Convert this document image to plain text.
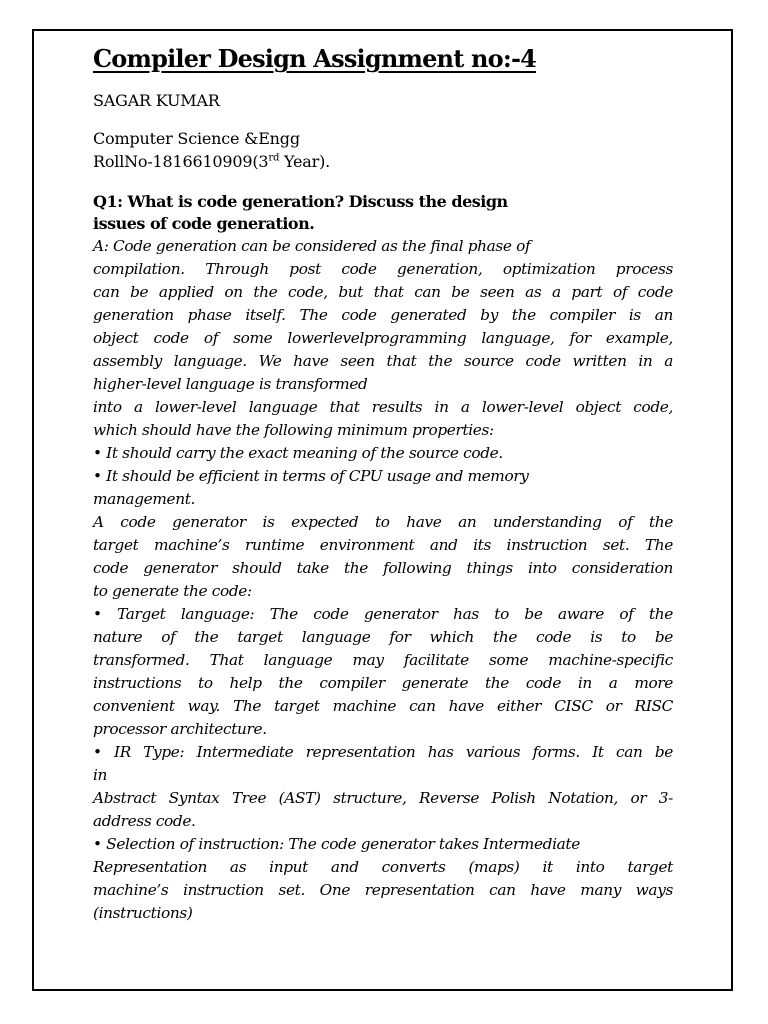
Compiler Design Assignment no:-4
SAGAR KUMAR
Computer Science &Engg
RollNo-1816610909(3rd Year).
Q1: What is code generation? Discuss the design
issues of code generation.

A: Code generation can be considered as the final phase of

compilation. Through post code generation, optimization process

can be applied on the code, but that can be seen as a part of code

generation phase itself. The code generated by the compiler is an

object code of some lowerlevelprogramming language, for example,

assembly language. We have seen that the source code written in a

higher-level language is transformed

into a lower-level language that results in a lower-level object code,

which should have the following minimum properties:

• It should carry the exact meaning of the source code.

• It should be efficient in terms of CPU usage and memory

management.

A code generator is expected to have an understanding of the

target machine’s runtime environment and its instruction set. The

code generator should take the following things into consideration

to generate the code:

• Target language: The code generator has to be aware of the

nature of the target language for which the code is to be

transformed. That language may facilitate some machine-specific

instructions to help the compiler generate the code in a more

convenient way. The target machine can have either CISC or RISC

processor architecture.

• IR Type: Intermediate representation has various forms. It can be

in

Abstract Syntax Tree (AST) structure, Reverse Polish Notation, or 3-

address code.

• Selection of instruction: The code generator takes Intermediate

Representation as input and converts (maps) it into target

machine’s instruction set. One representation can have many ways

(instructions)
